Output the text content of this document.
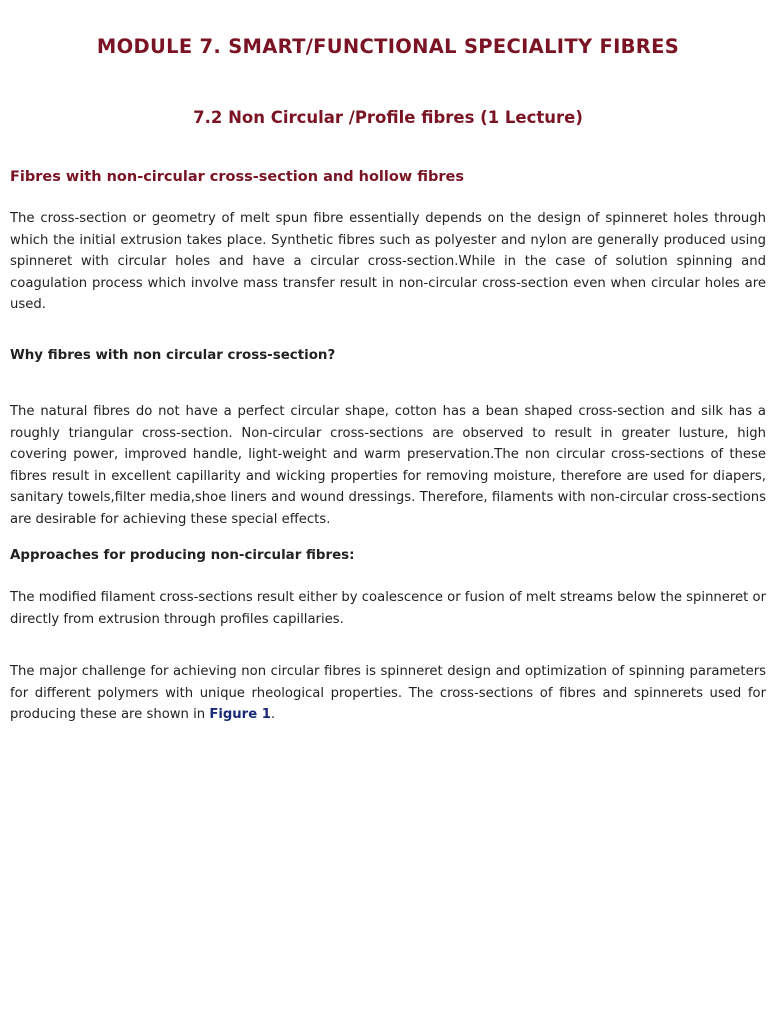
MODULE 7. SMART/FUNCTIONAL SPECIALITY FIBRES
7.2 Non Circular /Profile fibres (1 Lecture)
Fibres with non-circular cross-section and hollow fibres

The cross-section or geometry of melt spun fibre essentially depends on the design of spinneret holes through which the initial extrusion takes place. Synthetic fibres such as polyester and nylon are generally produced using spinneret with circular holes and have a circular cross-section.While in the case of solution spinning and coagulation process which involve mass transfer result in non-circular cross-section even when circular holes are used.

Why fibres with non circular cross-section?

The natural fibres do not have a perfect circular shape, cotton has a bean shaped cross-section and silk has a roughly triangular cross-section. Non-circular cross-sections are observed to result in greater lusture, high covering power, improved handle, light-weight and warm preservation.The non circular cross-sections of these fibres result in excellent capillarity and wicking properties for removing moisture, therefore are used for diapers, sanitary towels,filter media,shoe liners and wound dressings. Therefore, filaments with non-circular cross-sections are desirable for achieving these special effects.

Approaches for producing non-circular fibres:

The modified filament cross-sections result either by coalescence or fusion of melt streams below the spinneret or directly from extrusion through profiles capillaries.

The major challenge for achieving non circular fibres is spinneret design and optimization of spinning parameters for different polymers with unique rheological properties. The cross-sections of fibres and spinnerets used for producing these are shown in Figure 1.
